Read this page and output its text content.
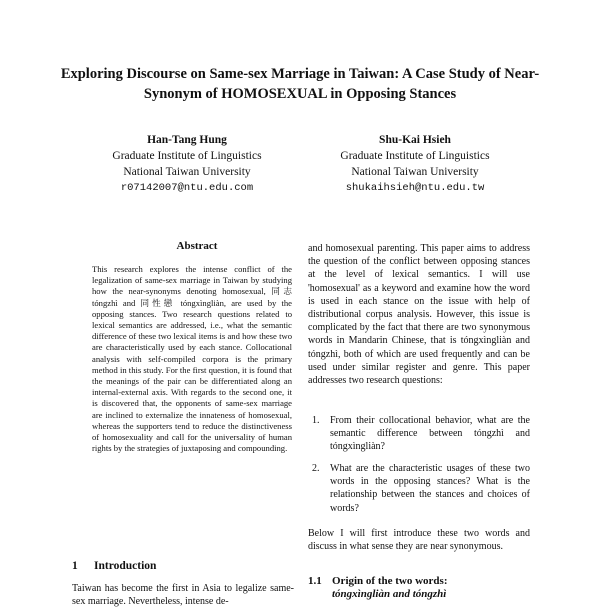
Exploring Discourse on Same-sex Marriage in Taiwan: A Case Study of Near-Synonym of HOMOSEXUAL in Opposing Stances
Han-Tang Hung
Graduate Institute of Linguistics
National Taiwan University
r07142007@ntu.edu.com
Shu-Kai Hsieh
Graduate Institute of Linguistics
National Taiwan University
shukaihsieh@ntu.edu.tw
Abstract
This research explores the intense conflict of the legalization of same-sex marriage in Taiwan by studying how the near-synonyms denoting homosexual, 同志 tóngzhì and 同性戀 tóngxìngliàn, are used by the opposing stances. Two research questions related to lexical semantics are addressed, i.e., what the semantic difference of these two lexical items is and how these two are characteristically used by each stance. Collocational analysis with self-compiled corpora is the primary method in this study. For the first question, it is found that the meanings of the pair can be differentiated along an internal-external axis. With regards to the second one, it is discovered that, the opponents of same-sex marriage are inclined to externalize the innateness of homosexual, whereas the supporters tend to reduce the distinctiveness of homosexuality and call for the universality of human rights by the strategies of juxtaposing and compounding.
1 Introduction
Taiwan has become the first in Asia to legalize same-sex marriage. Nevertheless, intense de-
and homosexual parenting. This paper aims to address the question of the conflict between opposing stances at the level of lexical semantics. I will use 'homosexual' as a keyword and examine how the word is used in each stance on the issue with help of distributional corpus analysis. However, this issue is complicated by the fact that there are two synonymous words in Mandarin Chinese, that is tóngxìngliàn and tóngzhì, both of which are used frequently and can be used under similar register and genre. This paper addresses two research questions:
1. From their collocational behavior, what are the semantic difference between tóngzhì and tóngxìngliàn?
2. What are the characteristic usages of these two words in the opposing stances? What is the relationship between the stances and choices of words?
Below I will first introduce these two words and discuss in what sense they are near synonymous.
1.1 Origin of the two words:
tóngxìngliàn and tóngzhì
